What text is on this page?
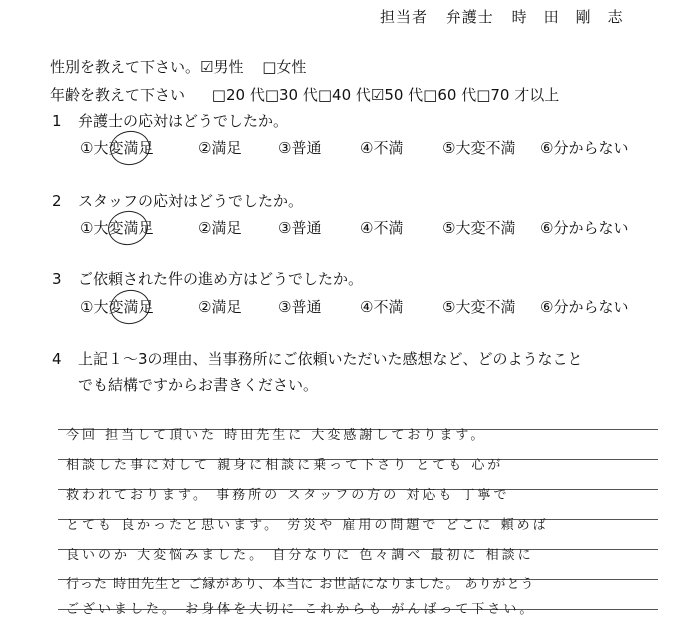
担当者 弁護士 時　田　剛　志
性別を教えて下さい。☑男性 □女性
年齢を教えて下さい □20 代□30 代□40 代☑50 代□60 代□70 才以上
1 弁護士の応対はどうでしたか。
①大変満足	②満足 ③普通	④不満	⑤大変不満 ⑥分からない
2 スタッフの応対はどうでしたか。
①大変満足	②満足 ③普通	④不満	⑤大変不満 ⑥分からない
3 ご依頼された件の進め方はどうでしたか。
①大変満足	②満足 ③普通	④不満	⑤大変不満 ⑥分からない
4 上記１～3の理由、当事務所にご依頼いただいた感想など、どのようなこと
でも結構ですからお書きください。
今回 担当して頂いた 時田先生に 大変感謝しております。
相談した事に対して 親身に相談に乗って下さり とても 心が
救われております。 事務所の スタッフの方の 対応も 丁寧で
とても 良かったと思います。 労災や 雇用の問題で どこに 頼めば
良いのか 大変悩みました。 自分なりに 色々調べ 最初に 相談に
行った 時田先生と ご縁があり、本当に お世話になりました。 ありがとう
ございました。 お身体を大切に これからも がんばって下さい。
